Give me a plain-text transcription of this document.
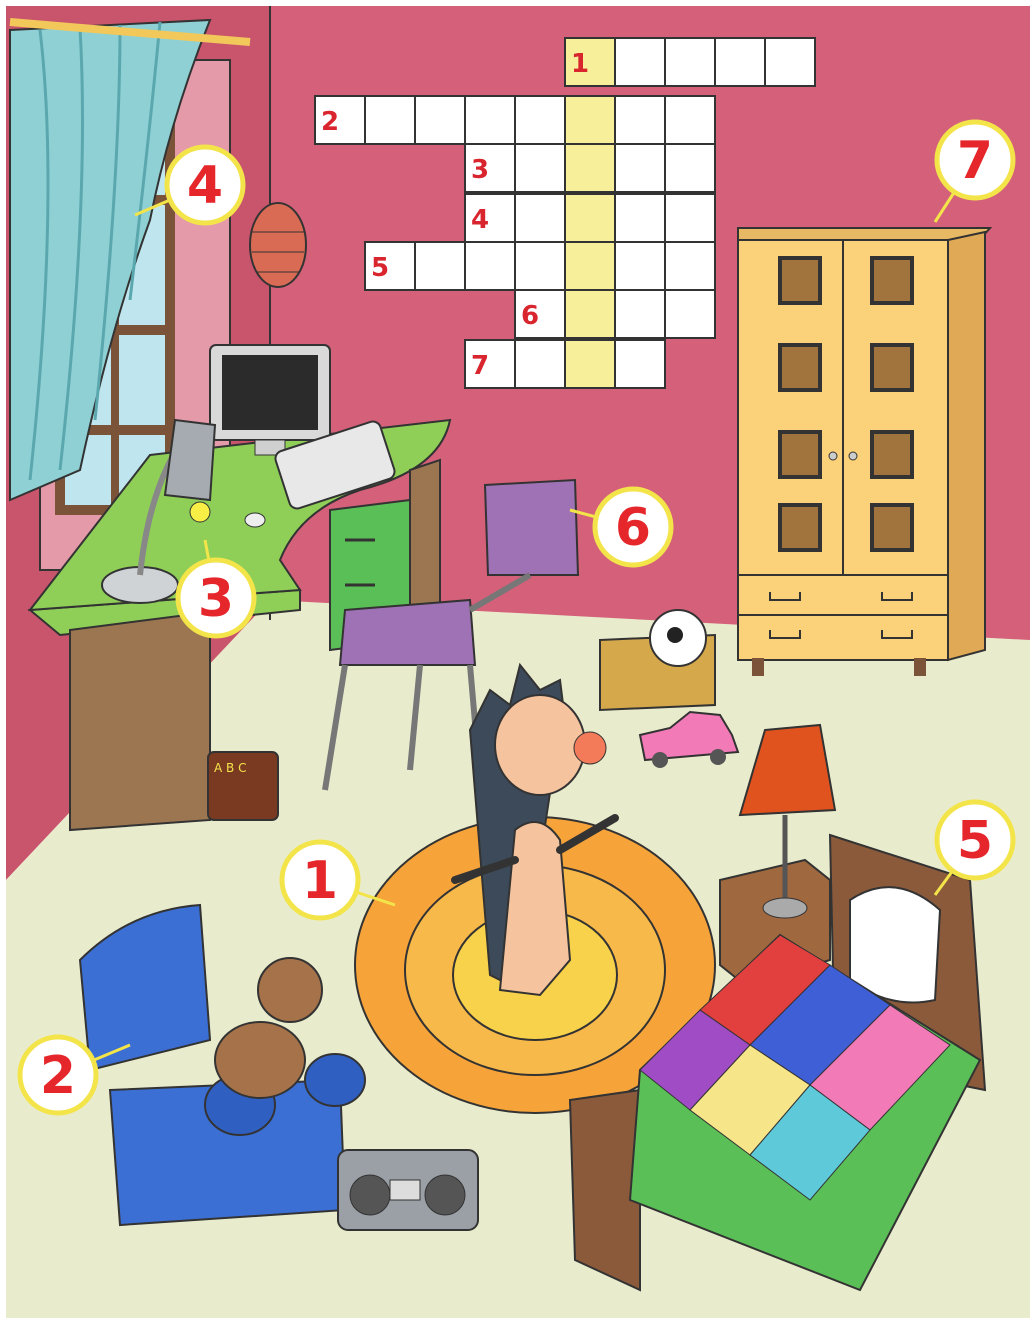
1
2
3
4
5
6
7
A B C
1
2
3
4
5
6
7
